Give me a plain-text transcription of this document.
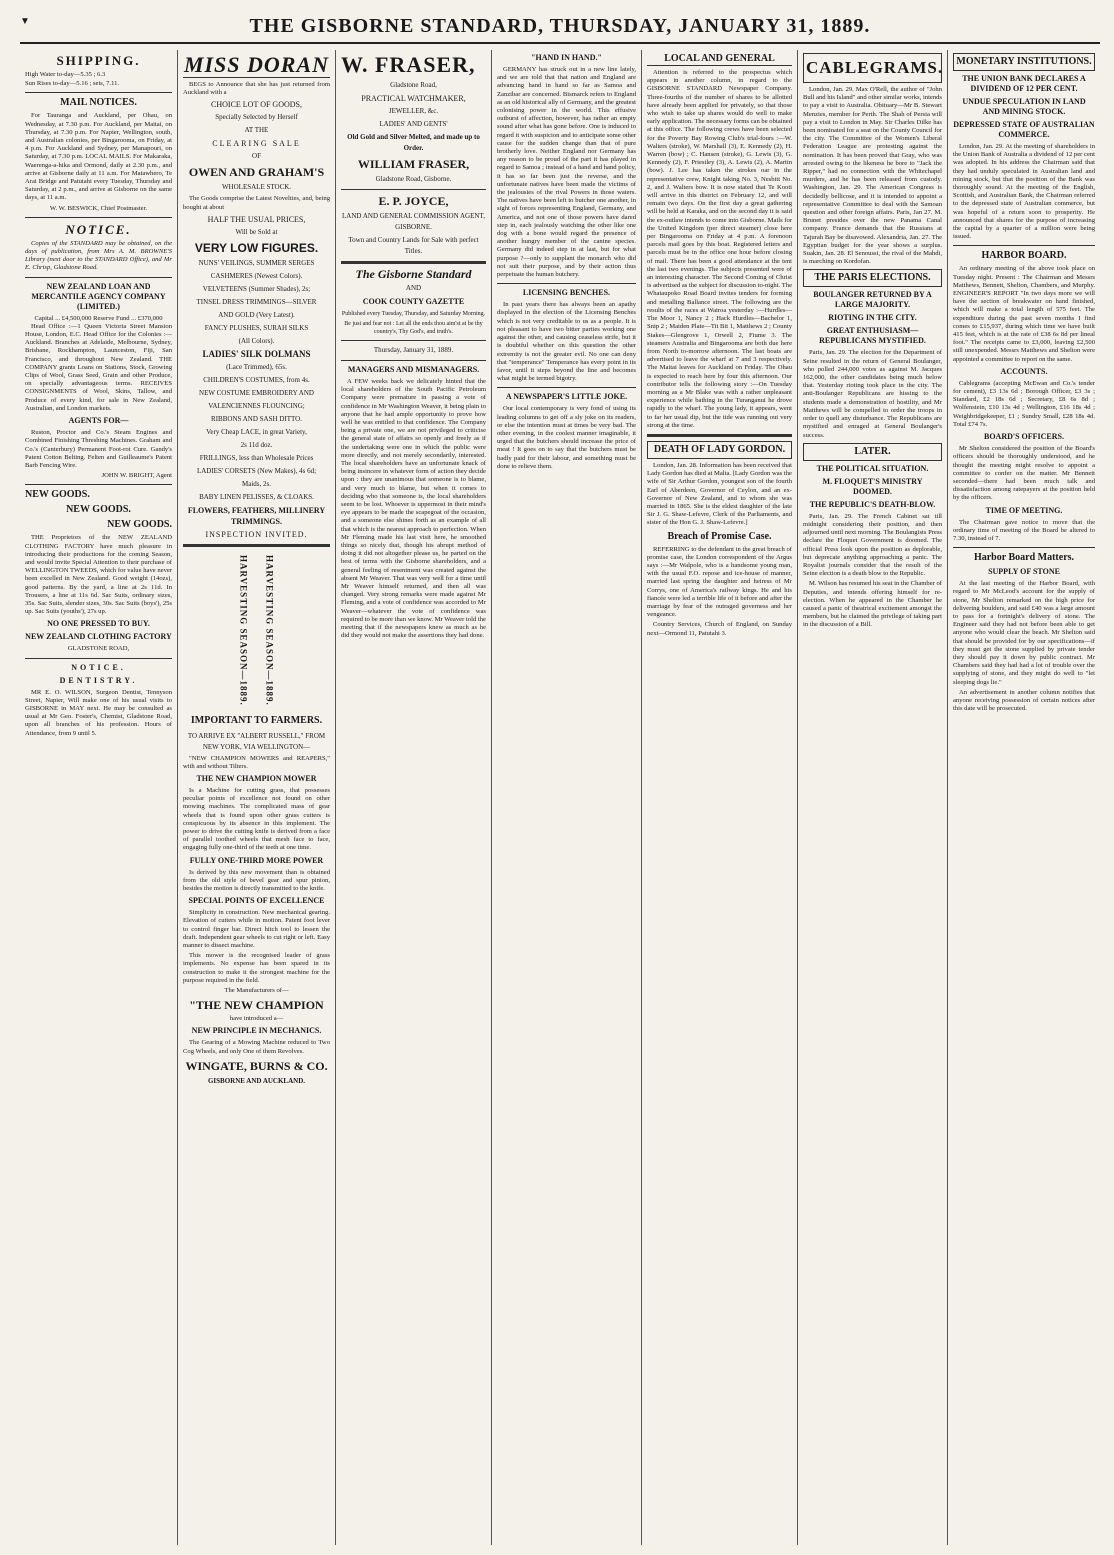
▼	THE GISBORNE STANDARD, THURSDAY, JANUARY 31, 1889.
SHIPPING.
High Water to-day—5.35 ; 6.3
Sun Rises to-day—5.16 ; sets, 7.11.
MAIL NOTICES.

For Tauranga and Auckland, per Ohau, on Wednesday, at 7.30 p.m. For Auckland, per Maitai, on Thursday, at 7.30 p.m. For Napier, Wellington, south, and Australian colonies, per Bingarooma, on Friday, at 4 p.m. For Auckland and Sydney, per Manapouri, on Saturday, at 7.30 p.m. LOCAL MAILS. For Makaraka, Waerenga-a-hika and Ormond, daily at 2.30 p.m., and arrive at Gisborne daily at 11 a.m. For Matawhero, Te Arai Bridge and Patutahi every Tuesday, Thursday and Saturday, at 2 p.m., and arrive at Gisborne on the same days, at 11 a.m.

W. W. BESWICK, Chief Postmaster.
NOTICE.

Copies of the STANDARD may be obtained, on the days of publication, from Mrs A. M. BROWNE'S Library (next door to the STANDARD Office), and Mr E. Chrisp, Gladstone Road.

NEW ZEALAND LOAN AND MERCANTILE AGENCY COMPANY (LIMITED.)
Capital ... £4,500,000 Reserve Fund ... £370,000

Head Office :—1 Queen Victoria Street Mansion House, London, E.C. Head Office for the Colonies :—Auckland. Branches at Adelaide, Melbourne, Sydney, Brisbane, Rockhampton, Launceston, Fiji, San Francisco, and throughout New Zealand. THE COMPANY grants Loans on Stations, Stock, Growing Clips of Wool, Grass Seed, Grain and other Produce, on specially advantageous terms. RECEIVES CONSIGNMENTS of Wool, Skins, Tallow, and Produce of every kind, for sale in New Zealand, Australian, and London markets.

AGENTS FOR—

Ruston, Proctor and Co.'s Steam Engines and Combined Finishing Threshing Machines. Graham and Co.'s (Canterbury) Permanent Foot-rot Cure. Gandy's Patent Cotton Belting. Felten and Guilleaume's Patent Barb Fencing Wire.

JOHN W. BRIGHT, Agent
NEW GOODS.
NEW GOODS.
NEW GOODS.

THE Proprietors of the NEW ZEALAND CLOTHING FACTORY have much pleasure in introducing their productions for the coming Season, and would invite Special Attention to their purchase of WELLINGTON TWEEDS, which for value have never been excelled in New Zealand. Good weight (14ozs), good patterns. By the yard, a line at 2s 11d. In Trousers, a line at 11s 6d. Sac Suits, ordinary sizes, 35s. Sac Suits, slender sizes, 30s. Sac Suits (boys'), 25s up. Sac Suits (youths'), 27s up.

NO ONE PRESSED TO BUY.
NEW ZEALAND CLOTHING FACTORY
GLADSTONE ROAD,
NOTICE.
DENTISTRY.

MR E. O. WILSON, Surgeon Dentist, Tennyson Street, Napier, Will make one of his usual visits to GISBORNE in MAY next. He may be consulted as usual at Mr Geo. Foster's, Chemist, Gladstone Road, upon all branches of his profession. Hours of Attendance, from 9 until 5.

MISS DORAN

BEGS to Announce that she has just returned from Auckland with a

CHOICE LOT OF GOODS,
Specially Selected by Herself
AT THE
CLEARING SALE
OF
OWEN AND GRAHAM'S
WHOLESALE STOCK.

The Goods comprise the Latest Novelties, and, being bought at about

HALF THE USUAL PRICES,
Will be Sold at
VERY LOW FIGURES.
NUNS' VEILINGS, SUMMER SERGES
CASHMERES (Newest Colors).
VELVETEENS (Summer Shades), 2s;
TINSEL DRESS TRIMMINGS—SILVER
AND GOLD (Very Latest).
FANCY PLUSHES, SURAH SILKS
(All Colors).
LADIES' SILK DOLMANS
(Lace Trimmed), 65s.
CHILDREN'S COSTUMES, from 4s.
NEW COSTUME EMBROIDERY AND
VALENCIENNES FLOUNCING;
RIBBONS AND SASH DITTO.
Very Cheap LACE, in great Variety,
2s 11d doz.
FRILLINGS, less than Wholesale Prices
LADIES' CORSETS (New Makes), 4s 6d;
Maids, 2s.
BABY LINEN PELISSES, & CLOAKS.
FLOWERS, FEATHERS, MILLINERY TRIMMINGS.
INSPECTION INVITED.
HARVESTING SEASON—1889. HARVESTING SEASON—1889.
IMPORTANT TO FARMERS.
TO ARRIVE EX "ALBERT RUSSELL," FROM NEW YORK, VIA WELLINGTON—

"NEW CHAMPION MOWERS and REAPERS," with and without Tilters.

THE NEW CHAMPION MOWER

Is a Machine for cutting grass, that possesses peculiar points of excellence not found on other mowing machines. The complicated mass of gear wheels that is found upon other grass cutters is conspicuous by its absence in this implement. The power to drive the cutting knife is derived from a face of parallel toothed wheels that mesh face to face, engaging fully one-third of the teeth at one time.

FULLY ONE-THIRD MORE POWER

Is derived by this new movement than is obtained from the old style of bevel gear and spur pinion, besides the motion is directly transmitted to the knife.

SPECIAL POINTS OF EXCELLENCE

Simplicity in construction. New mechanical gearing. Elevation of cutters while in motion. Patent foot lever to control finger bar. Direct hitch tool to lessen the draft. Independent gear wheels to cut right or left. Easy manner to dissect machine.

This mower is the recognised leader of grass implements. No expense has been spared in its construction to make it the strongest machine for the purpose required in the field.

The Manufacturers of—
"THE NEW CHAMPION
have introduced a—
NEW PRINCIPLE IN MECHANICS.

The Gearing of a Mowing Machine reduced to Two Cog Wheels, and only One of them Revolves.

WINGATE, BURNS & CO.
GISBORNE AND AUCKLAND.
W. FRASER,
Gladstone Road,
PRACTICAL WATCHMAKER,
JEWELLER, &c.
LADIES' AND GENTS'
Old Gold and Silver Melted, and made up to Order.
WILLIAM FRASER,
Gladstone Road, Gisborne.
E. P. JOYCE,
LAND AND GENERAL COMMISSION AGENT, GISBORNE.
Town and Country Lands for Sale with perfect Titles.
The Gisborne Standard
AND
COOK COUNTY GAZETTE
Published every Tuesday, Thursday, and Saturday Morning.
Be just and fear not : Let all the ends thou aim'st at be thy country's, Thy God's, and truth's.
Thursday, January 31, 1889.
MANAGERS AND MISMANAGERS.

A FEW weeks back we delicately hinted that the local shareholders of the South Pacific Petroleum Company were premature in passing a vote of confidence in Mr Washington Weaver, it being plain to anyone that he had ample opportunity to prove how well he was entitled to that confidence. The Company being a private one, we are not privileged to criticise the general state of affairs so openly and freely as if the undertaking were one in which the public were more directly, and not merely secondarily, interested. The local shareholders have an unfortunate knack of being insincere in whatever form of action they decide upon : they are unanimous that someone is to blame, and very much to blame, but when it comes to deciding who that someone is, the local shareholders seem to be lost. Whoever is uppermost in their mind's eye appears to be made the scapegoat of the occasion, and a someone else shines forth as an example of all that which is the nearest approach to perfection. When Mr Fleming made his last visit here, he smoothed things so nicely that, though his abrupt method of doing it did not altogether please us, he parted on the best of terms with the Gisborne shareholders, and a general feeling of resentment was created against the absent Mr Weaver. That was very well for a time until Mr Weaver himself returned, and then all was changed. Very strong remarks were made against Mr Fleming, and a vote of confidence was accorded to Mr Weaver—whatever the vote of confidence was required to be more than we know. Mr Weaver told the meeting that if the newspapers knew as much as he did they would not make the assertions they had done.

"HAND IN HAND."

GERMANY has struck out in a new line lately, and we are told that that nation and England are advancing hand in hand so far as Samoa and Zanzibar are concerned. Bismarck refers to England as an old historical ally of Germany, and the greatest colonising power in the world. This effusive outburst of affection, however, has rather an empty sound after what has gone before. One is induced to regard it with suspicion and to anticipate some other cause for the sudden change than that of pure brotherly love. Neither England nor Germany has any reason to be proud of the part it has played in regard to Samoa ; instead of a hand and hand policy, it has so far been just the reverse, and the unfortunate natives have been made the victims of the jealousies of the rival Powers in those waters. The natives have been left to butcher one another, in sight of forces representing England, Germany, and America, and not one of those powers have dared step in, each jealously watching the other like one dog with a bone would regard the presence of another hungry member of the canine species. Germany did indeed step in at last, but for what purpose ?—only to supplant the monarch who did not suit their purpose, and by their action thus perpetuate the human butchery.

LICENSING BENCHES.

In past years there has always been an apathy displayed in the election of the Licensing Benches which is not very creditable to us as a people. It is not pleasant to have two bitter parties working one against the other, and causing ceaseless strife, but it is doubtful whether on this question the other extremity is not the greater evil. No one can deny that "temperance" Temperance has every point in its favor, until it steps beyond the line and becomes what might be termed bigotry.

A NEWSPAPER'S LITTLE JOKE.

Our local contemporary is very fond of using its leading columns to get off a sly joke on its readers, or else the intention must at times be very bad. The other evening, in the coolest manner imaginable, it urged that the butchers should increase the price of meat ! It goes on to say that the butchers must be badly paid for their labour, and something must be done to relieve them.

LOCAL AND GENERAL

Attention is referred to the prospectus which appears in another column, in regard to the GISBORNE STANDARD Newspaper Company. Three-fourths of the number of shares to be allotted have already been applied for privately, so that those who wish to take up shares would do well to make early application. The necessary forms can be obtained at this office. The following crews have been selected for the Poverty Bay Rowing Club's trial-fours :—W. Walters (stroke), W. Marshall (3), E. Kennedy (2), H. Warren (bow) ; C. Hansen (stroke), G. Lewis (3), G. Kennedy (2), F. Priestley (3), A. Lewis (2), A. Martin (bow). J. Lee has taken the strokes oar in the representative crew, Knight taking No. 3, Nesbitt No. 2, and J. Walters bow. It is now stated that Te Kooti will arrive in this district on February 12, and will remain two days. On the first day a great gathering will be held at Karaka, and on the second day it is said the ex-outlaw intends to come into Gisborne. Mails for the United Kingdom (per direct steamer) close here per Bingarooma on Friday at 4 p.m. A forenoon parcels mail goes by this boat. Registered letters and parcels must be in the office one hour before closing of mail. There has been a good attendance at the tent the last two evenings. The subjects presented were of an interesting character. The Second Coming of Christ is advertised as the subject for discussion to-night. The Whataupoko Road Board invites tenders for forming and metalling Ballance street. The following are the results of the races at Wairoa yesterday :—Hurdles—The Moor 1, Nancy 2 ; Hack Hurdles—Bachelor 1, Snip 2 ; Maiden Plate—Tit Bit 1, Matthews 2 ; County Stakes—Glengrove 1, Orwell 2, Fiume 3. The steamers Australia and Bingarooma are both due here from North to-morrow afternoon. The last boats are advertised to leave the wharf at 7 and 3 respectively. The Maitai leaves for Auckland on Friday. The Ohau is expected to reach here by four this afternoon. Our contributor tells the following story :—On Tuesday morning as a Mr Blake was with a rather unpleasant experience while bathing in the Turanganui he drove rapidly to the wharf. The young lady, it appears, went to far her usual dip, but the tide was running out very strong at the time.

DEATH OF LADY GORDON.

London, Jan. 28. Information has been received that Lady Gordon has died at Malta. [Lady Gordon was the wife of Sir Arthur Gordon, youngest son of the fourth Earl of Aberdeen, Governor of Ceylon, and an ex-Governor of New Zealand, and to whom she was married in 1865. She is the eldest daughter of the late Sir J. G. Shaw-Lefevre, Clerk of the Parliaments, and sister of the Hon G. J. Shaw-Lefevre.]

Breach of Promise Case.

REFERRING to the defendant in the great breach of promise case, the London correspondent of the Argus says :—Mr Walpole, who is a handsome young man, with the usual F.O. repose and ice-house of manner, married last spring the daughter and heiress of Mr Corrys, one of America's railway kings. He and his fiancée were led a terrible life of it before and after the marriage by fear of the outraged governess and her vengeance.

Country Services, Church of England, on Sunday next—Ormond 11, Patutahi 3.

CABLEGRAMS.

London, Jan. 29. Max O'Rell, the author of "John Bull and his Island" and other similar works, intends to pay a visit to Australia. Obituary—Mr B. Stewart Menzies, member for Perth. The Shah of Persia will pay a visit to London in May. Sir Charles Dilke has been nominated for a seat on the County Council for the city. The Committee of the Women's Liberal Federation League are protesting against the nomination. It has been proved that Gray, who was arrested owing to the likeness he bore to "Jack the Ripper," had no connection with the Whitechapel murders, and he has been released from custody. Washington, Jan. 29. The American Congress is decidedly bellicose, and it is intended to appoint a representative Committee to deal with the Samoan question and other foreign affairs. Paris, Jan 27. M. Brunet presides over the new Panama Canal company. France demands that the Russians at Tajurah Bay be disavowed. Alexandria, Jan. 27. The Egyptian budget for the year shows a surplus. Suakin, Jan. 28. El Senoussi, the rival of the Mahdi, is marching on Kordofan.

THE PARIS ELECTIONS.
BOULANGER RETURNED BY A LARGE MAJORITY.
RIOTING IN THE CITY.
GREAT ENTHUSIASM—REPUBLICANS MYSTIFIED.

Paris, Jan. 29. The election for the Department of Seine resulted in the return of General Boulanger, who polled 244,000 votes as against M. Jacques 162,000, the other candidates being much below that. Yesterday rioting took place in the city. The anti-Boulanger Republicans are hissing to the students made a demonstration of hostility, and Mr Matthews will be compelled to order the troops in order to quell any disturbance. The Republicans are mystified and enraged at General Boulanger's success.

LATER.
THE POLITICAL SITUATION.
M. FLOQUET'S MINISTRY DOOMED.
THE REPUBLIC'S DEATH-BLOW.

Paris, Jan. 29. The French Cabinet sat till midnight considering their position, and then adjourned until next morning. The Boulangists Press declare the Floquet Government is doomed. The official Press look upon the position as deplorable, but deprecate anything approaching a panic. The Royalist journals consider that the result of the Seine election is a death blow to the Republic.

M. Wilson has resumed his seat in the Chamber of Deputies, and intends offering himself for re-election. When he appeared in the Chamber he caused a panic of theatrical excitement amongst the members, but he claimed the privilege of taking part in the discussion of a Bill.

MONETARY INSTITUTIONS.
THE UNION BANK DECLARES A DIVIDEND OF 12 PER CENT.
UNDUE SPECULATION IN LAND AND MINING STOCK.
DEPRESSED STATE OF AUSTRALIAN COMMERCE.

London, Jan. 29. At the meeting of shareholders in the Union Bank of Australia a dividend of 12 per cent was adopted. In his address the Chairman said that they had unduly speculated in Australian land and mining stock, but that the position of the Bank was thoroughly sound. At the meeting of the English, Scottish, and Australian Bank, the Chairman referred to the depressed state of Australian commerce, but was hopeful of a return soon to prosperity. He announced that shares for the purpose of increasing the capital by a quarter of a million were being issued.

HARBOR BOARD.

An ordinary meeting of the above took place on Tuesday night. Present : The Chairman and Messrs Matthews, Bennett, Shelton, Chambers, and Murphy. ENGINEER'S REPORT "In two days more we will have the section of breakwater on hand finished, which will make a total length of 575 feet. The expenditure during the past seven months I find comes to £15,937, during which time we have built 415 feet, which is at the rate of £38 6s 8d per lineal foot." The receipts came to £3,000, leaving £2,500 still unexpended. Messrs Matthews and Shelton were appointed a committee to report on the same.

ACCOUNTS.

Cablegrams (accepting McEwan and Co.'s tender for cement), £3 13s 6d ; Borough Officer, £3 3s ; Standard, £2 18s 6d ; Secretary, £8 6s 8d ; Wolfenstein, £10 13s 4d ; Wellington, £16 18s 4d ; Weighbridgekeeper, £1 ; Sundry Small, £28 18s 4d. Total £74 7s.

BOARD'S OFFICERS.

Mr Shelton considered the position of the Board's officers should be thoroughly understood, and he thought the meeting might resolve to appoint a committee to confer on the matter. Mr Bennett seconded—there had been much talk and dissatisfaction among ratepayers at the position held by the officers.

TIME OF MEETING.

The Chairman gave notice to move that the ordinary time of meeting of the Board be altered to 7.30, instead of 7.

Harbor Board Matters.
SUPPLY OF STONE

At the last meeting of the Harbor Board, with regard to Mr McLeod's account for the supply of stone, Mr Shelton remarked on the high price for delivering boulders, and said £40 was a large amount to pass for a fortnight's delivery of stone. The Engineer said they had not before been able to get anyone who would clear the beach. Mr Shelton said that should be provided for by our specifications—if they must get the stone supplied by private tender they should pay it down by public contract. Mr Chambers said they had had a lot of trouble over the supplying of stone, and they might do well to "let sleeping dogs lie."

An advertisement in another column notifies that anyone receiving possession of certain notices after this date will be prosecuted.
